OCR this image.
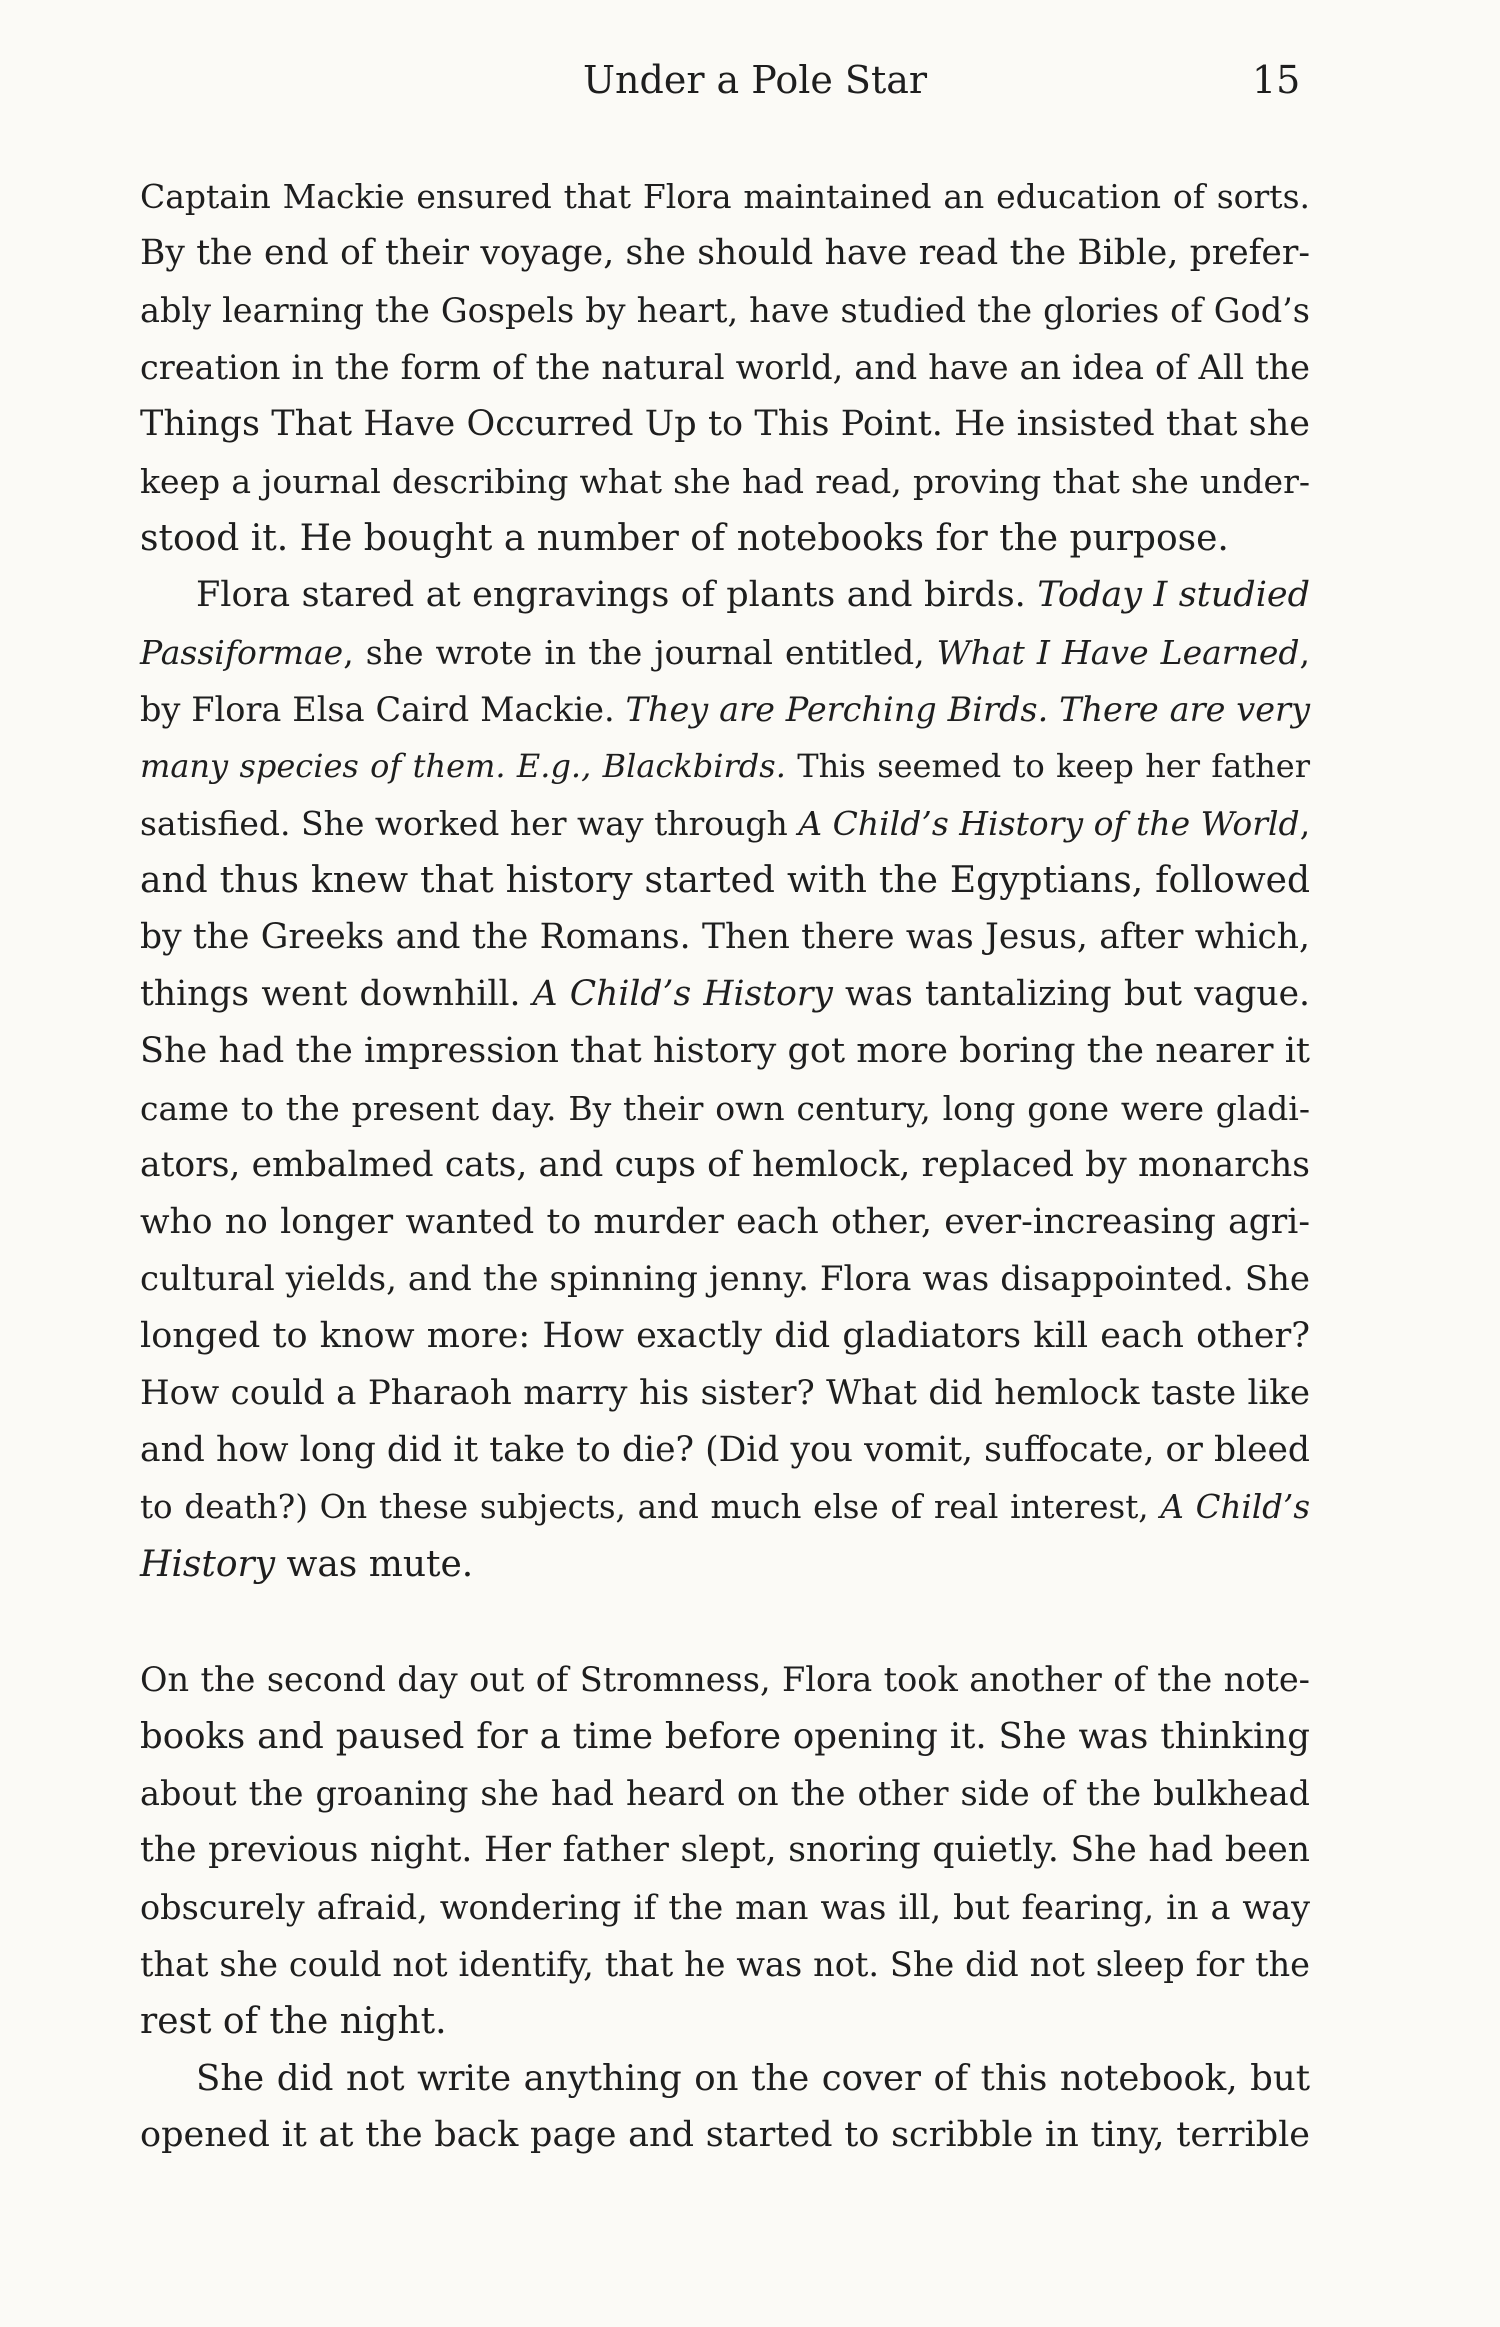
Under a Pole Star	15
Captain Mackie ensured that Flora maintained an education of sorts.
By the end of their voyage, she should have read the Bible, prefer-
ably learning the Gospels by heart, have studied the glories of God’s
creation in the form of the natural world, and have an idea of All the
Things That Have Occurred Up to This Point. He insisted that she
keep a journal describing what she had read, proving that she under-
stood it. He bought a number of notebooks for the purpose.
Flora stared at engravings of plants and birds. Today I studied
Passiformae, she wrote in the journal entitled, What I Have Learned,
by Flora Elsa Caird Mackie. They are Perching Birds. There are very
many species of them. E.g., Blackbirds. This seemed to keep her father
satisfied. She worked her way through A Child’s History of the World,
and thus knew that history started with the Egyptians, followed
by the Greeks and the Romans. Then there was Jesus, after which,
things went downhill. A Child’s History was tantalizing but vague.
She had the impression that history got more boring the nearer it
came to the present day. By their own century, long gone were gladi-
ators, embalmed cats, and cups of hemlock, replaced by monarchs
who no longer wanted to murder each other, ever-increasing agri-
cultural yields, and the spinning jenny. Flora was disappointed. She
longed to know more: How exactly did gladiators kill each other?
How could a Pharaoh marry his sister? What did hemlock taste like
and how long did it take to die? (Did you vomit, suffocate, or bleed
to death?) On these subjects, and much else of real interest, A Child’s
History was mute.
On the second day out of Stromness, Flora took another of the note-
books and paused for a time before opening it. She was thinking
about the groaning she had heard on the other side of the bulkhead
the previous night. Her father slept, snoring quietly. She had been
obscurely afraid, wondering if the man was ill, but fearing, in a way
that she could not identify, that he was not. She did not sleep for the
rest of the night.
She did not write anything on the cover of this notebook, but
opened it at the back page and started to scribble in tiny, terrible
